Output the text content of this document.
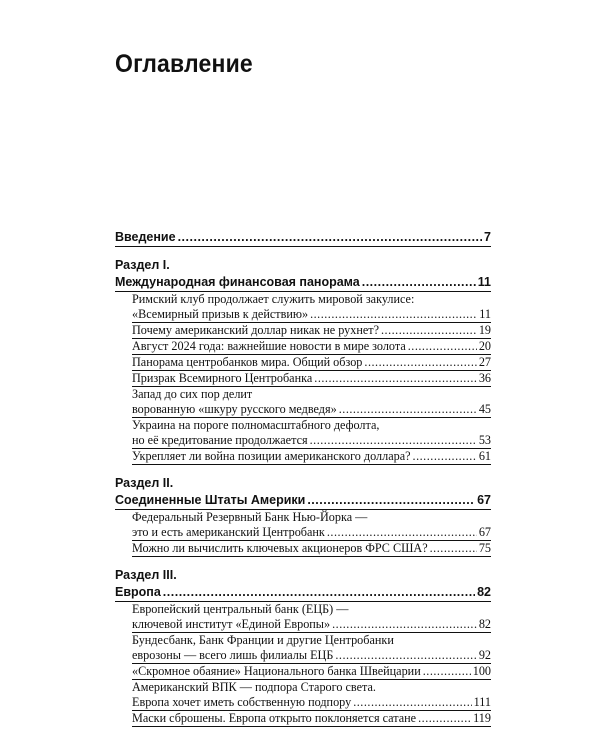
Оглавление
Введение .....	7
Раздел I.
Международная финансовая панорама .....	11
Римский клуб продолжает служить мировой закулисе:
«Всемирный призыв к действию» .....	11
Почему американский доллар никак не рухнет? .....	19
Август 2024 года: важнейшие новости в мире золота .....	20
Панорама центробанков мира. Общий обзор .....	27
Призрак Всемирного Центробанка .....	36
Запад до сих пор делит
ворованную «шкуру русского медведя» .....	45
Украина на пороге полномасштабного дефолта,
но её кредитование продолжается .....	53
Укрепляет ли война позиции американского доллара? .....	61
Раздел II.
Соединенные Штаты Америки .....	67
Федеральный Резервный Банк Нью-Йорка —
это и есть американский Центробанк .....	67
Можно ли вычислить ключевых акционеров ФРС США? .....	75
Раздел III.
Европа .....	82
Европейский центральный банк (ЕЦБ) —
ключевой институт «Единой Европы» .....	82
Бундесбанк, Банк Франции и другие Центробанки
еврозоны — всего лишь филиалы ЕЦБ .....	92
«Скромное обаяние» Национального банка Швейцарии .....	100
Американский ВПК — подпора Старого света.
Европа хочет иметь собственную подпору .....	111
Маски сброшены. Европа открыто поклоняется сатане .....	119
